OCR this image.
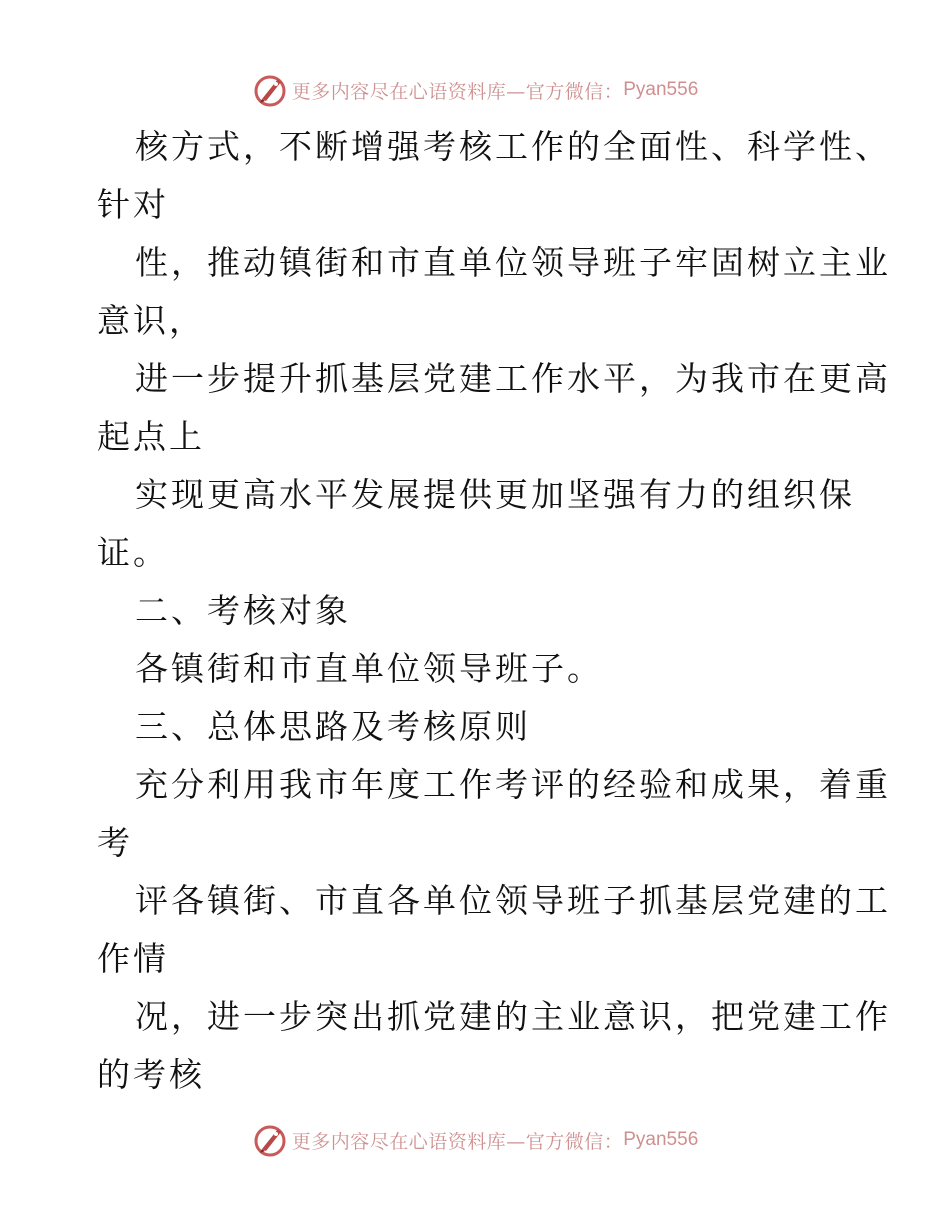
更多内容尽在心语资料库—官方微信： Pyan556
核方式，不断增强考核工作的全面性、科学性、
针对
性，推动镇街和市直单位领导班子牢固树立主业
意识，
进一步提升抓基层党建工作水平，为我市在更高
起点上
实现更高水平发展提供更加坚强有力的组织保
证。
二、考核对象
各镇街和市直单位领导班子。
三、总体思路及考核原则
充分利用我市年度工作考评的经验和成果，着重
考
评各镇街、市直各单位领导班子抓基层党建的工
作情
况，进一步突出抓党建的主业意识，把党建工作
的考核
更多内容尽在心语资料库—官方微信： Pyan556
